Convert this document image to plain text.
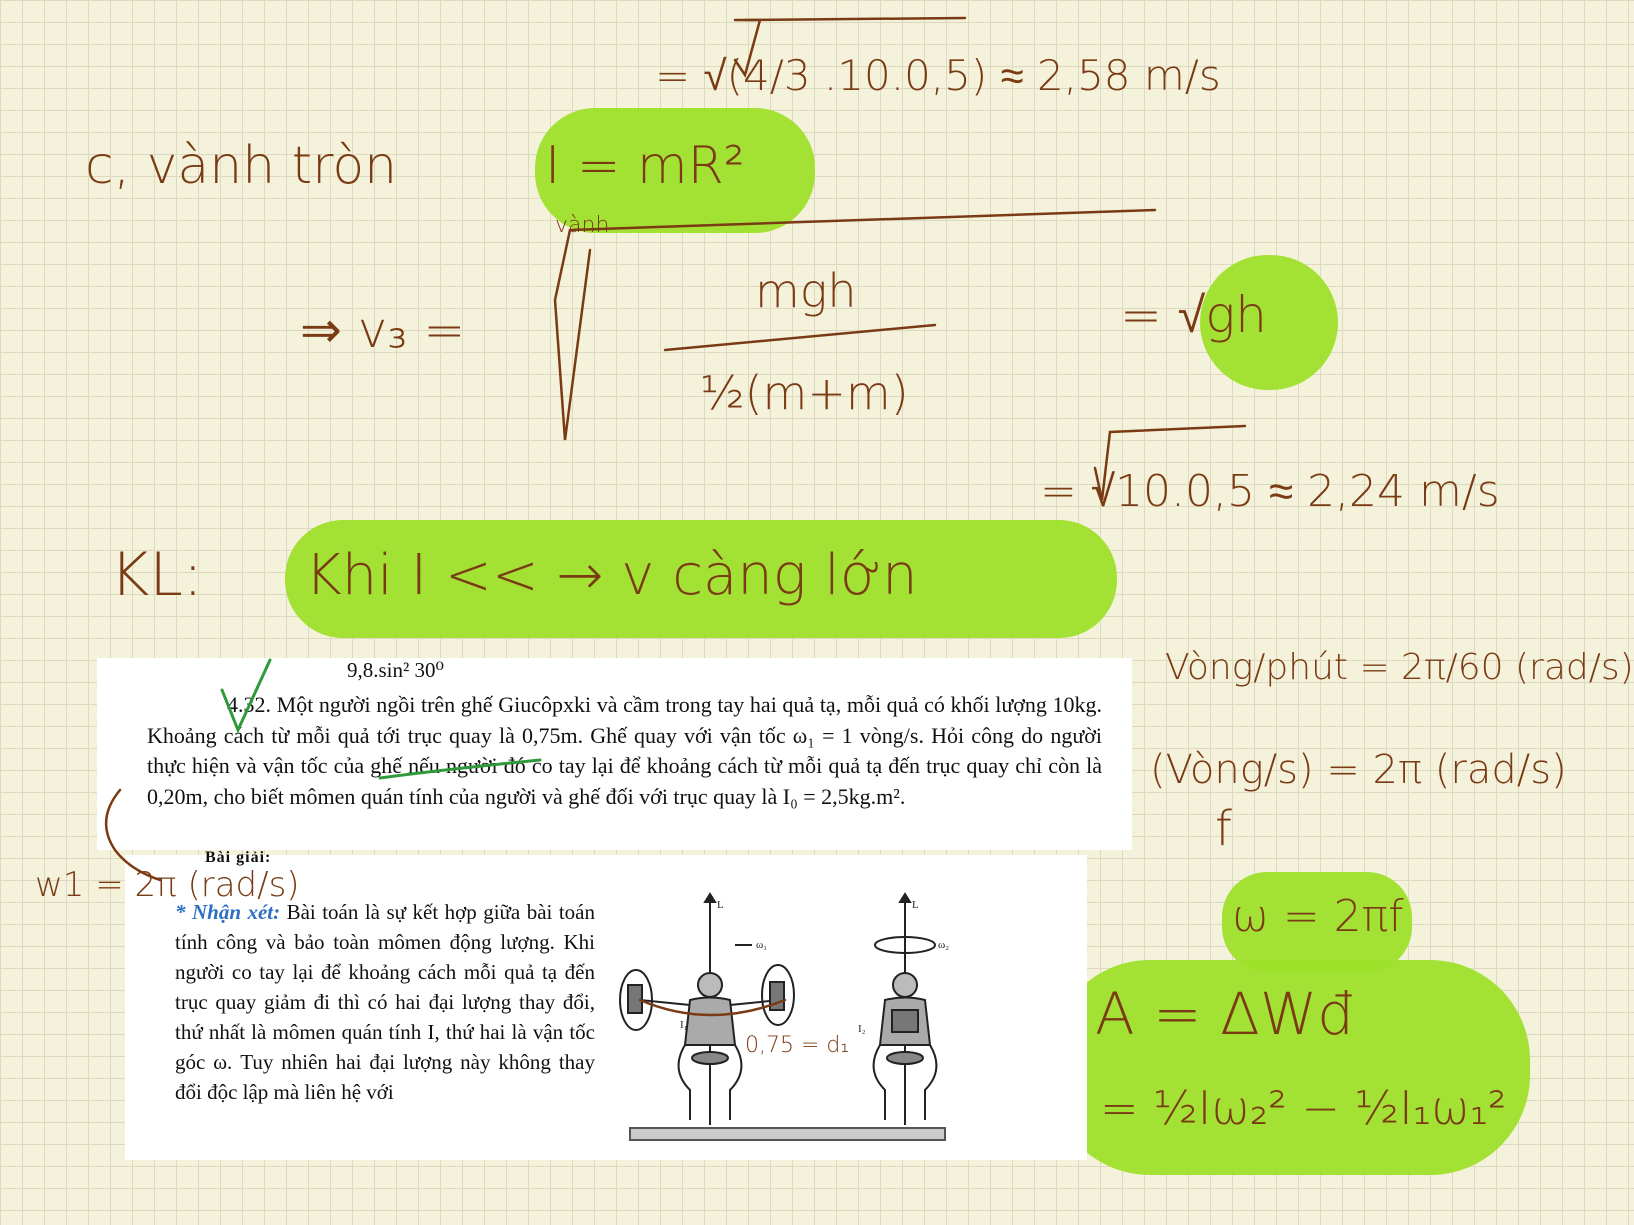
9,8.sin² 30⁰

4.32. Một người ngồi trên ghế Giucôpxki và cầm trong tay hai quả tạ, mỗi quả có khối lượng 10kg. Khoảng cách từ mỗi quả tới trục quay là 0,75m. Ghế quay với vận tốc ω₁ = 1 vòng/s. Hỏi công do người thực hiện và vận tốc của ghế nếu người đó co tay lại để khoảng cách từ mỗi quả tạ đến trục quay chỉ còn là 0,20m, cho biết mômen quán tính của người và ghế đối với trục quay là I₀ = 2,5kg.m².

Bài giải:

* Nhận xét: Bài toán là sự kết hợp giữa bài toán tính công và bảo toàn mômen động lượng. Khi người co tay lại để khoảng cách mỗi quả tạ đến trục quay giảm đi thì có hai đại lượng thay đổi, thứ nhất là mômen quán tính I, thứ hai là vận tốc góc ω. Tuy nhiên hai đại lượng này không thay đổi độc lập mà liên hệ với

L	L
I₁	I₂
ω₁	ω₂
= √(4/3 .10.0,5) ≈ 2,58 m/s
c, vành tròn	I = mR²
vành
⇒ v₃ =
mgh
½(m+m)
= √gh
= √10.0,5 ≈ 2,24 m/s
KL: Khi I << → v càng lớn
w1 = 2π (rad/s)
0,75 = d₁
Vòng/phút = 2π/60 (rad/s)
(Vòng/s) = 2π (rad/s)
f
ω = 2πf
A = ΔWđ
= ½Iω₂² − ½I₁ω₁²
